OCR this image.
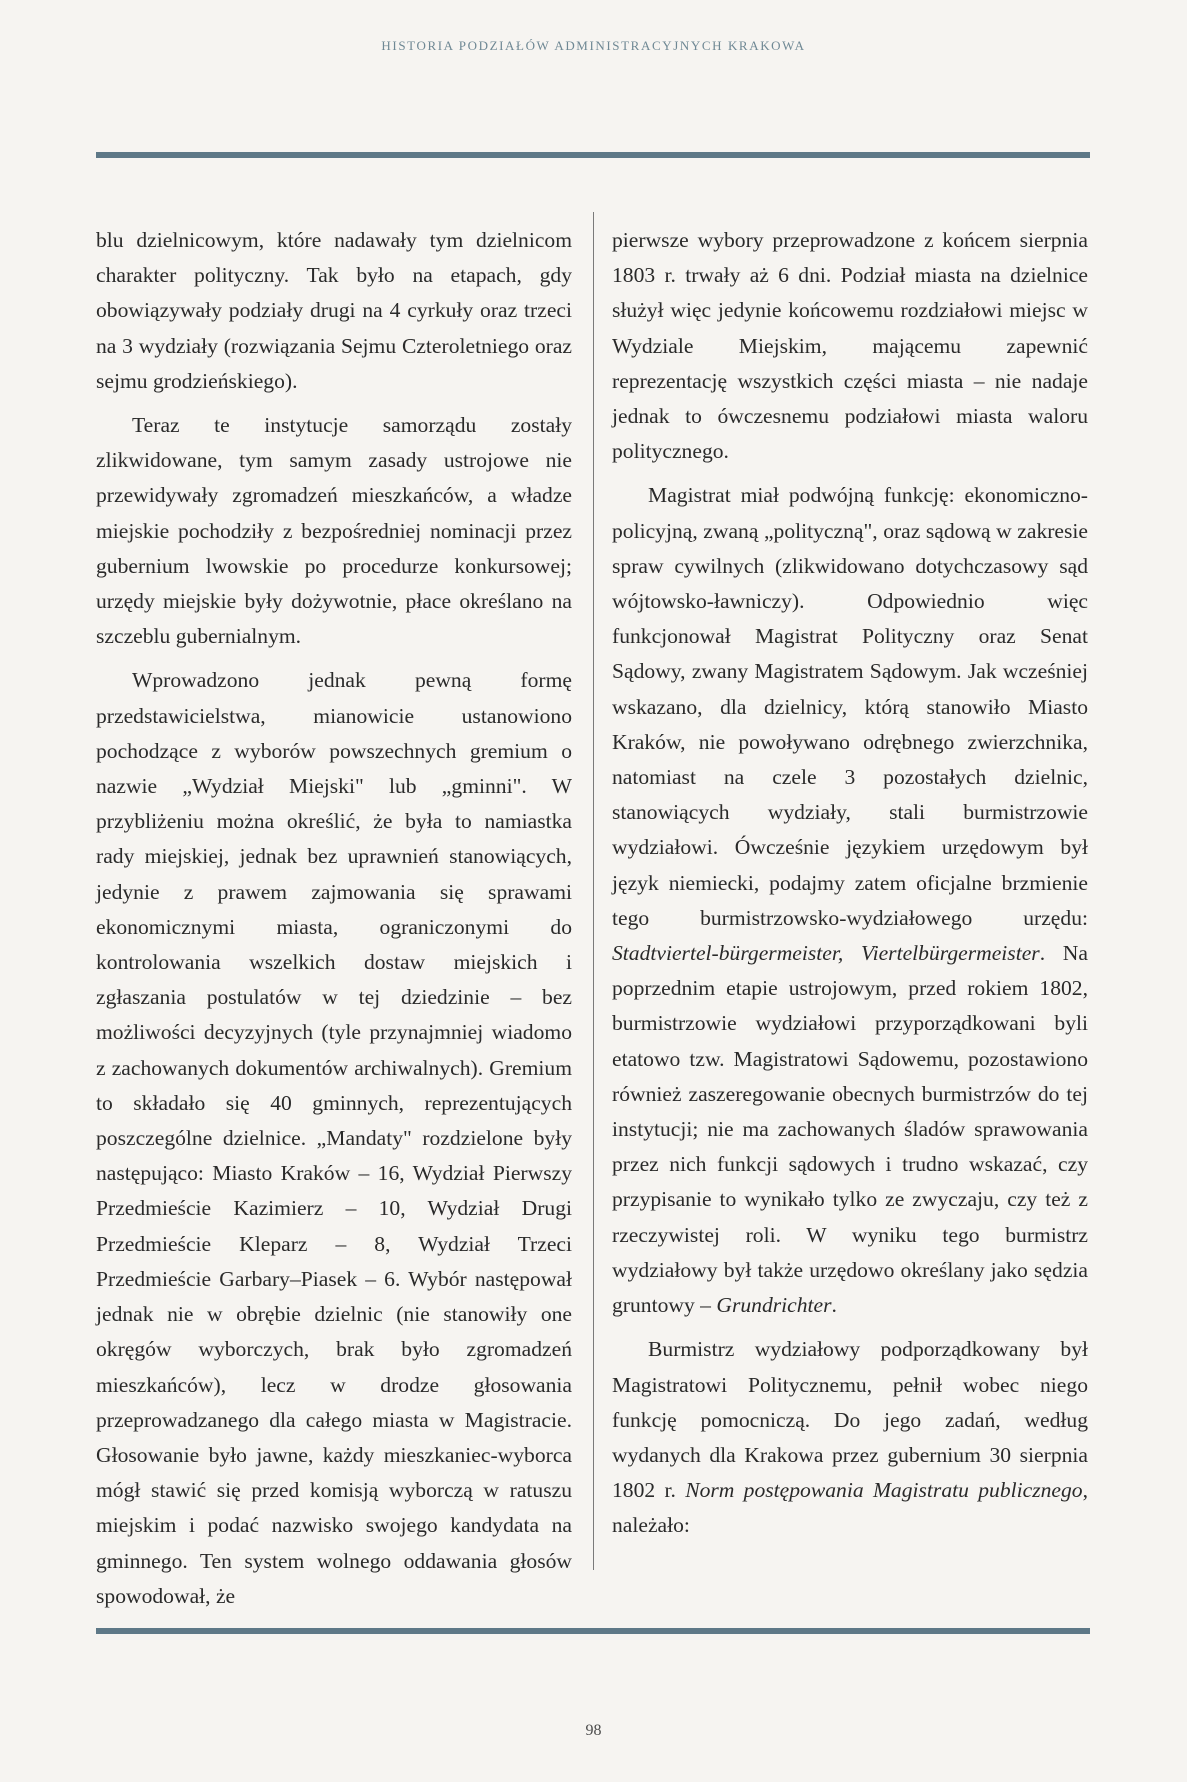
HISTORIA PODZIAŁÓW ADMINISTRACYJNYCH KRAKOWA

blu dzielnicowym, które nadawały tym dzielnicom charakter polityczny. Tak było na etapach, gdy obowiązywały podziały drugi na 4 cyrkuły oraz trzeci na 3 wydziały (rozwiązania Sejmu Czteroletniego oraz sejmu grodzieńskiego).

Teraz te instytucje samorządu zostały zlikwidowane, tym samym zasady ustrojowe nie przewidywały zgromadzeń mieszkańców, a władze miejskie pochodziły z bezpośredniej nominacji przez gubernium lwowskie po procedurze konkursowej; urzędy miejskie były dożywotnie, płace określano na szczeblu gubernialnym.

Wprowadzono jednak pewną formę przedstawicielstwa, mianowicie ustanowiono pochodzące z wyborów powszechnych gremium o nazwie „Wydział Miejski" lub „gminni". W przybliżeniu można określić, że była to namiastka rady miejskiej, jednak bez uprawnień stanowiących, jedynie z prawem zajmowania się sprawami ekonomicznymi miasta, ograniczonymi do kontrolowania wszelkich dostaw miejskich i zgłaszania postulatów w tej dziedzinie – bez możliwości decyzyjnych (tyle przynajmniej wiadomo z zachowanych dokumentów archiwalnych). Gremium to składało się 40 gminnych, reprezentujących poszczególne dzielnice. „Mandaty" rozdzielone były następująco: Miasto Kraków – 16, Wydział Pierwszy Przedmieście Kazimierz – 10, Wydział Drugi Przedmieście Kleparz – 8, Wydział Trzeci Przedmieście Garbary–Piasek – 6. Wybór następował jednak nie w obrębie dzielnic (nie stanowiły one okręgów wyborczych, brak było zgromadzeń mieszkańców), lecz w drodze głosowania przeprowadzanego dla całego miasta w Magistracie. Głosowanie było jawne, każdy mieszkaniec-wyborca mógł stawić się przed komisją wyborczą w ratuszu miejskim i podać nazwisko swojego kandydata na gminnego. Ten system wolnego oddawania głosów spowodował, że

pierwsze wybory przeprowadzone z końcem sierpnia 1803 r. trwały aż 6 dni. Podział miasta na dzielnice służył więc jedynie końcowemu rozdziałowi miejsc w Wydziale Miejskim, mającemu zapewnić reprezentację wszystkich części miasta – nie nadaje jednak to ówczesnemu podziałowi miasta waloru politycznego.

Magistrat miał podwójną funkcję: ekonomiczno-policyjną, zwaną „polityczną", oraz sądową w zakresie spraw cywilnych (zlikwidowano dotychczasowy sąd wójtowsko-ławniczy). Odpowiednio więc funkcjonował Magistrat Polityczny oraz Senat Sądowy, zwany Magistratem Sądowym. Jak wcześniej wskazano, dla dzielnicy, którą stanowiło Miasto Kraków, nie powoływano odrębnego zwierzchnika, natomiast na czele 3 pozostałych dzielnic, stanowiących wydziały, stali burmistrzowie wydziałowi. Ówcześnie językiem urzędowym był język niemiecki, podajmy zatem oficjalne brzmienie tego burmistrzowsko-wydziałowego urzędu: Stadtviertel-bürgermeister, Viertelbürgermeister. Na poprzednim etapie ustrojowym, przed rokiem 1802, burmistrzowie wydziałowi przyporządkowani byli etatowo tzw. Magistratowi Sądowemu, pozostawiono również zaszeregowanie obecnych burmistrzów do tej instytucji; nie ma zachowanych śladów sprawowania przez nich funkcji sądowych i trudno wskazać, czy przypisanie to wynikało tylko ze zwyczaju, czy też z rzeczywistej roli. W wyniku tego burmistrz wydziałowy był także urzędowo określany jako sędzia gruntowy – Grundrichter.

Burmistrz wydziałowy podporządkowany był Magistratowi Politycznemu, pełnił wobec niego funkcję pomocniczą. Do jego zadań, według wydanych dla Krakowa przez gubernium 30 sierpnia 1802 r. Norm postępowania Magistratu publicznego, należało:

98
